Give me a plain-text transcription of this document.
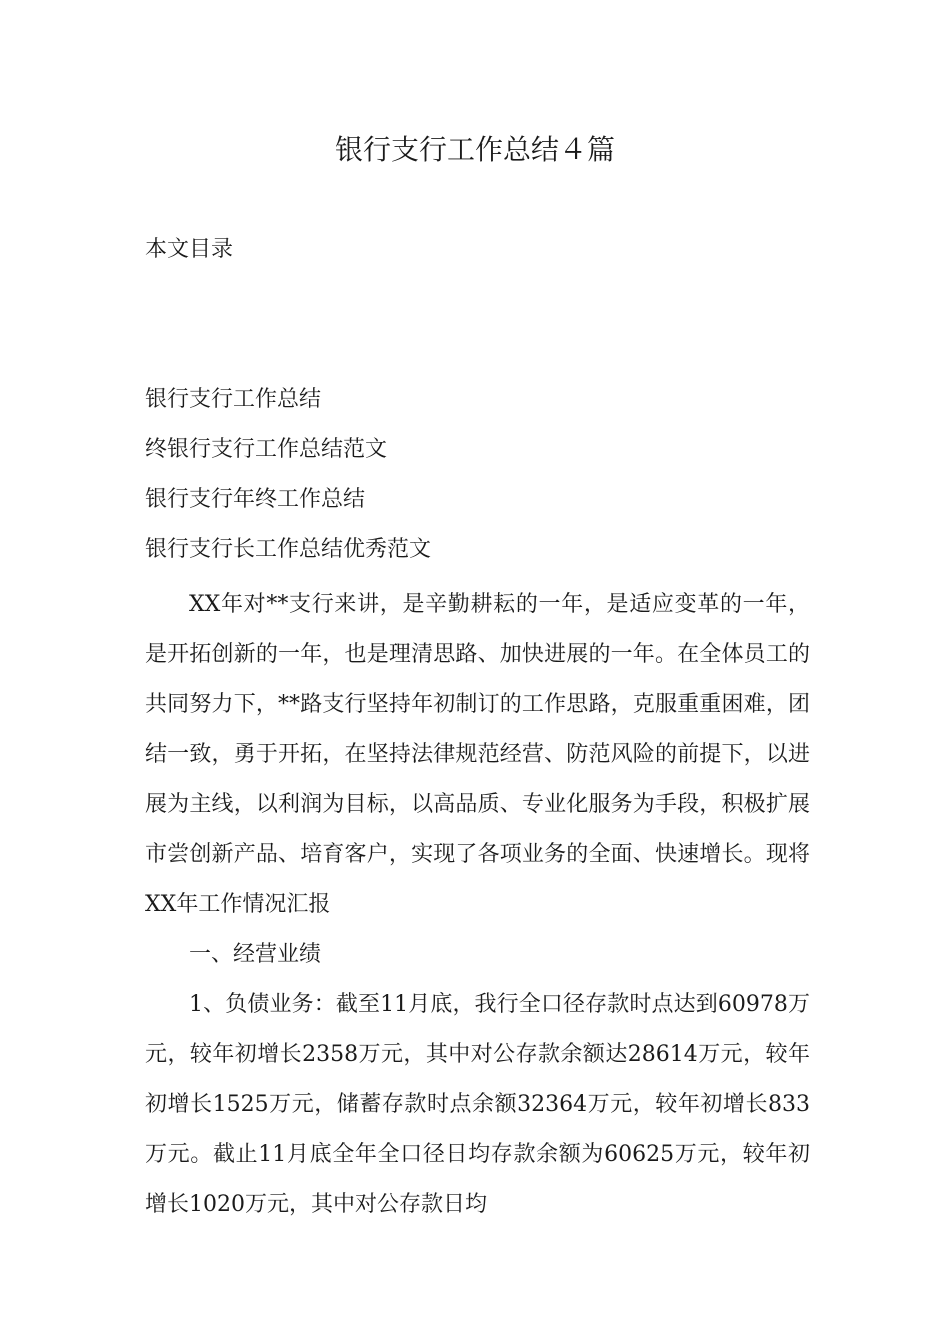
银行支行工作总结４篇

本文目录

银行支行工作总结
终银行支行工作总结范文
银行支行年终工作总结
银行支行长工作总结优秀范文

XX年对**支行来讲，是辛勤耕耘的一年，是适应变革的一年，是开拓创新的一年，也是理清思路、加快进展的一年。在全体员工的共同努力下，**路支行坚持年初制订的工作思路，克服重重困难，团结一致，勇于开拓，在坚持法律规范经营、防范风险的前提下，以进展为主线，以利润为目标，以高品质、专业化服务为手段，积极扩展市尝创新产品、培育客户，实现了各项业务的全面、快速增长。现将XX年工作情况汇报

一、经营业绩

1、负债业务：截至11月底，我行全口径存款时点达到60978万元，较年初增长2358万元，其中对公存款余额达28614万元，较年初增长1525万元，储蓄存款时点余额32364万元，较年初增长833万元。截止11月底全年全口径日均存款余额为60625万元，较年初增长1020万元，其中对公存款日均
